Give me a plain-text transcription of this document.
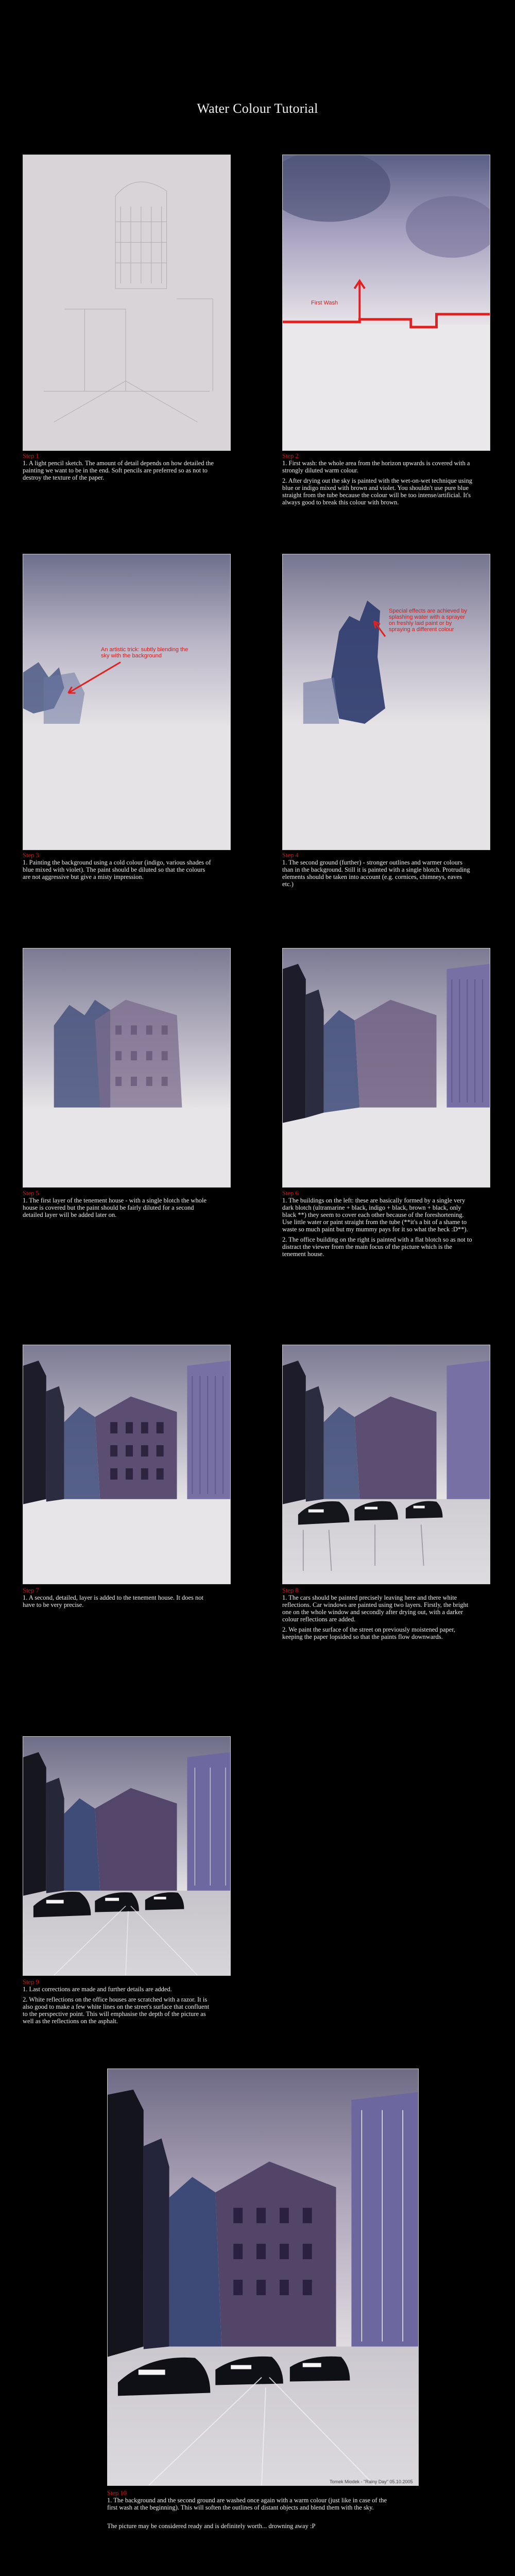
Water Colour Tutorial
Step 1

1. A light pencil sketch. The amount of detail depends on how detailed the painting we want to be in the end. Soft pencils are preferred so as not to destroy the texture of the paper.

First Wash
Step 2

1. First wash: the whole area from the horizon upwards is covered with a strongly diluted warm colour.

2. After drying out the sky is painted with the wet-on-wet technique using blue or indigo mixed with brown and violet. You shouldn't use pure blue straight from the tube because the colour will be too intense/artificial. It's always good to break this colour with brown.

An artistic trick: subtly blending the sky with the background
Step 3

1. Painting the background using a cold colour (indigo, various shades of blue mixed with violet). The paint should be diluted so that the colours are not aggressive but give a misty impression.

Special effects are achieved by splashing water with a sprayer on freshly laid paint or by spraying a different colour
Step 4

1. The second ground (further) - stronger outlines and warmer colours than in the background. Still it is painted with a single blotch. Protruding elements should be taken into account (e.g. cornices, chimneys, eaves etc.)

Step 5

1. The first layer of the tenement house - with a single blotch the whole house is covered but the paint should be fairly diluted for a second detailed layer will be added later on.

Step 6

1. The buildings on the left: these are basically formed by a single very dark blotch (ultramarine + black, indigo + black, brown + black, only black **) they seem to cover each other because of the foreshortening. Use little water or paint straight from the tube (**it's a bit of a shame to waste so much paint but my mummy pays for it so what the heck :D**).

2. The office building on the right is painted with a flat blotch so as not to distract the viewer from the main focus of the picture which is the tenement house.

Step 7

1. A second, detailed, layer is added to the tenement house. It does not have to be very precise.

Step 8

1. The cars should be painted precisely leaving here and there white reflections. Car windows are painted using two layers. Firstly, the bright one on the whole window and secondly after drying out, with a darker colour reflections are added.

2. We paint the surface of the street on previously moistened paper, keeping the paper lopsided so that the paints flow downwards.

Step 9

1. Last corrections are made and further details are added.

2. White reflections on the office houses are scratched with a razor. It is also good to make a few white lines on the street's surface that confluent to the perspective point. This will emphasise the depth of the picture as well as the reflections on the asphalt.

Tomek Miodek - "Rainy Day" 05.10.2005
Step 10

1. The background and the second ground are washed once again with a warm colour (just like in case of the first wash at the beginning). This will soften the outlines of distant objects and blend them with the sky.

The picture may be considered ready and is definitely worth... drowning away :P
